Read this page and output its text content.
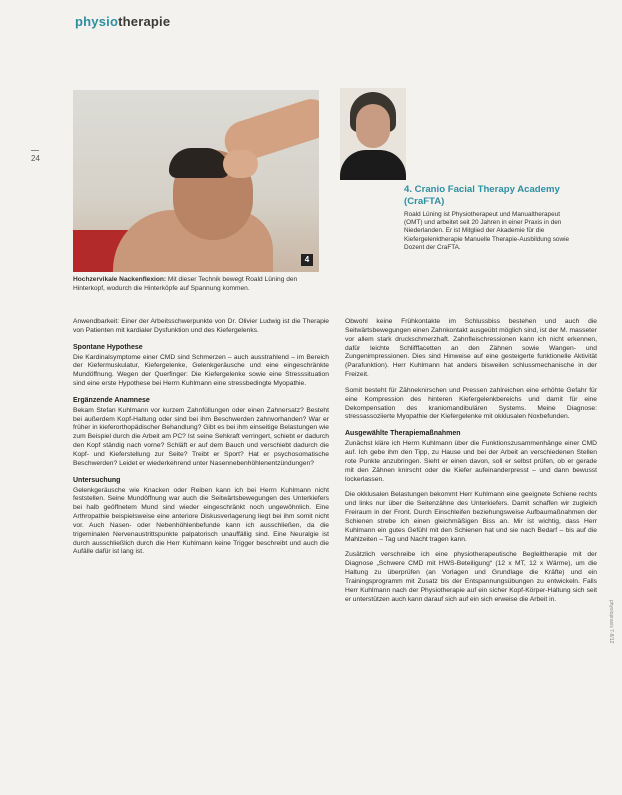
physiotherapie
24
4
Hochzervikale Nackenflexion: Mit dieser Technik bewegt Roald Lüning den Hinterkopf, wodurch die Hinterköpfe auf Spannung kommen.
4. Cranio Facial Therapy Academy (CraFTA)
Roald Lüning ist Physiotherapeut und Manualtherapeut (OMT) und arbeitet seit 20 Jahren in einer Praxis in den Niederlanden. Er ist Mitglied der Akademie für die Kiefergelenktherapie Manuelle Therapie-Ausbildung sowie Dozent der CraFTA.

Anwendbarkeit: Einer der Arbeitsschwerpunkte von Dr. Olivier Ludwig ist die Therapie von Patienten mit kardialer Dysfunktion und des Kiefergelenks.

Spontane Hypothese

Die Kardinalsymptome einer CMD sind Schmerzen – auch ausstrahlend – im Bereich der Kiefermuskulatur, Kiefergelenke, Gelenkgeräusche und eine eingeschränkte Mundöffnung. Wegen der Querfinger: Die Kiefergelenke sowie eine Stresssituation sind eine erste Hypothese bei Herrn Kuhlmann eine stressbedingte Myopathie.

Ergänzende Anamnese

Bekam Stefan Kuhlmann vor kurzem Zahnfüllungen oder einen Zahnersatz? Besteht bei außerdem Kopf-Haltung oder sind bei ihm Beschwerden zahnvorhanden? War er früher in kieferorthopädischer Behandlung? Gibt es bei ihm einseitige Belastungen wie zum Beispiel durch die Arbeit am PC? Ist seine Sehkraft verringert, schiebt er dadurch den Kopf ständig nach vorne? Schläft er auf dem Bauch und verschiebt dadurch die Kopf- und Kieferstellung zur Seite? Treibt er Sport? Hat er psychosomatische Beschwerden? Leidet er wiederkehrend unter Nasennebenhöhlenentzündungen?

Untersuchung

Gelenkgeräusche wie Knacken oder Reiben kann ich bei Herrn Kuhlmann nicht feststellen. Seine Mundöffnung war auch die Seitwärtsbewegungen des Unterkiefers bei halb geöffnetem Mund sind wieder eingeschränkt noch ungewöhnlich. Eine Arthropathie beispielsweise eine anteriore Diskusverlagerung liegt bei ihm somit nicht vor. Auch Nasen- oder Nebenhöhlenbefunde kann ich ausschließen, da die trigeminalen Nervenaustrittspunkte palpatorisch unauffällig sind. Eine Neuralgie ist durch ausschließlich durch die Herr Kuhlmann keine Trigger beschreibt und auch die Aufälle dafür ist lang ist.

Obwohl keine Frühkontakte im Schlussbiss bestehen und auch die Seitwärtsbewegungen einen Zahnkontakt ausgeübt möglich sind, ist der M. masseter vor allem stark druckschmerzhaft. Zahnfleischressionen kann ich nicht erkennen, dafür leichte Schlifffacetten an den Zähnen sowie Wangen- und Zungenimpressionen. Dies sind Hinweise auf eine gesteigerte funktionelle Aktivität (Parafunktion). Herr Kuhlmann hat anders bisweilen schlussmechanische in der Freizeit.

Somit besteht für Zähneknirschen und Pressen zahlreichen eine erhöhte Gefahr für eine Kompression des hinteren Kiefergelenkbereichs und damit für eine Dekompensation des kraniomandibulären Systems. Meine Diagnose: stressassoziierte Myopathie der Kiefergelenke mit okklusalen Noxbefunden.

Ausgewählte Therapiemaßnahmen

Zunächst kläre ich Herrn Kuhlmann über die Funktionszusammenhänge einer CMD auf. Ich gebe ihm den Tipp, zu Hause und bei der Arbeit an verschiedenen Stellen rote Punkte anzubringen. Sieht er einen davon, soll er selbst prüfen, ob er gerade mit den Zähnen knirscht oder die Kiefer aufeinanderpresst – und dann bewusst lockerlassen.

Die okklusalen Belastungen bekommt Herr Kuhlmann eine geeignete Schiene rechts und links nur über die Seitenzähne des Unterkiefers. Damit schaffen wir zugleich Freiraum in der Front. Durch Einschleifen beziehungsweise Aufbaumaßnahmen der Schienen strebe ich einen gleichmäßigen Biss an. Mir ist wichtig, dass Herr Kuhlmann ein gutes Gefühl mit den Schienen hat und sie nach Bedarf – bis auf die Mahlzeiten – Tag und Nacht tragen kann.

Zusätzlich verschreibe ich eine physiotherapeutische Begleittherapie mit der Diagnose „Schwere CMD mit HWS-Beteiligung“ (12 x MT, 12 x Wärme), um die Haltung zu überprüfen (an Vorlagen und Grundlage die Kräfte) und ein Trainingsprogramm mit Zusatz bis der Entspannungsübungen zu entwickeln. Falls Herr Kuhlmann nach der Physiotherapie auf ein sicher Kopf-Körper-Haltung sich seit er unterstützen auch kann darauf sich auf ein sich erweise die Arbeit in.

physiopraxis 7-8/12
